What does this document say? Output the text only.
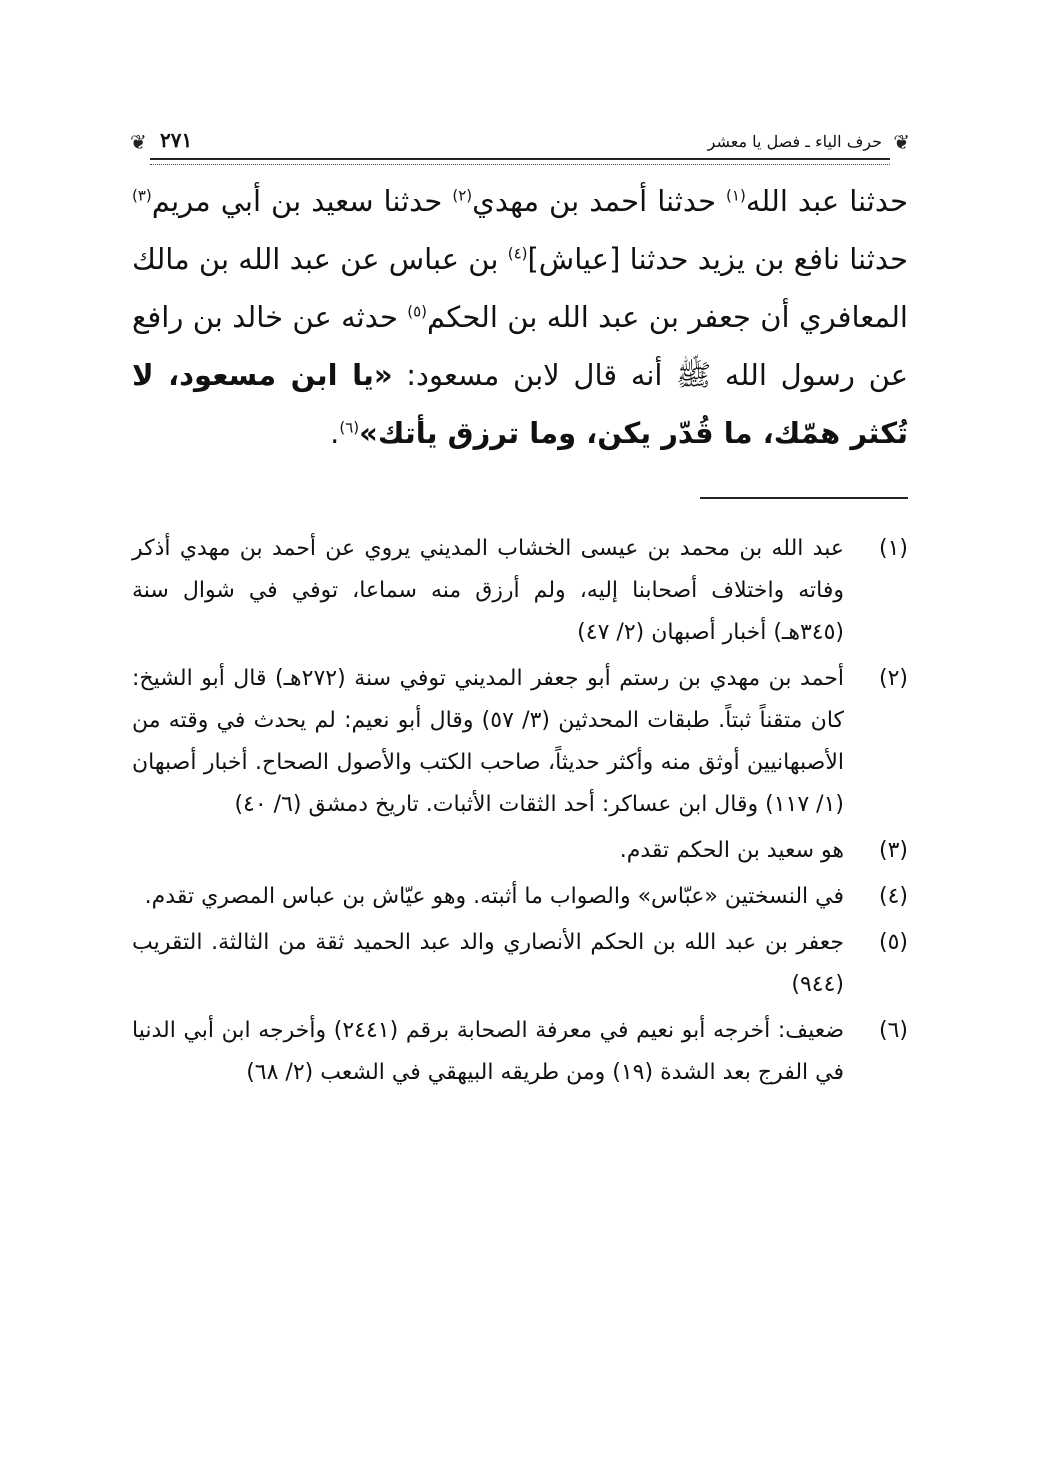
❦
حرف الياء ـ فصل يا معشر
٢٧١
❦
حدثنا عبد الله$^{(١)}$ حدثنا أحمد بن مهدي$^{(٢)}$ حدثنا سعيد بن أبي مريم$^{(٣)}$ حدثنا نافع بن يزيد حدثنا [عياش]$^{(٤)}$ بن عباس عن عبد الله بن مالك المعافري أن جعفر بن عبد الله بن الحكم$^{(٥)}$ حدثه عن خالد بن رافع عن رسول الله ﷺ أنه قال لابن مسعود: «يا ابن مسعود، لا تُكثر همّك، ما قُدّر يكن، وما ترزق يأتك»$^{(٦)}$.
(١)
عبد الله بن محمد بن عيسى الخشاب المديني يروي عن أحمد بن مهدي أذكر وفاته واختلاف أصحابنا إليه، ولم أرزق منه سماعا، توفي في شوال سنة (٣٤٥هـ) أخبار أصبهان (٢/ ٤٧)
(٢)
أحمد بن مهدي بن رستم أبو جعفر المديني توفي سنة (٢٧٢هـ) قال أبو الشيخ: كان متقناً ثبتاً. طبقات المحدثين (٣/ ٥٧) وقال أبو نعيم: لم يحدث في وقته من الأصبهانيين أوثق منه وأكثر حديثاً، صاحب الكتب والأصول الصحاح. أخبار أصبهان (١/ ١١٧) وقال ابن عساكر: أحد الثقات الأثبات. تاريخ دمشق (٦/ ٤٠)
(٣)
هو سعيد بن الحكم تقدم.
(٤)
في النسختين «عبّاس» والصواب ما أثبته. وهو عيّاش بن عباس المصري تقدم.
(٥)
جعفر بن عبد الله بن الحكم الأنصاري والد عبد الحميد ثقة من الثالثة. التقريب (٩٤٤)
(٦)
ضعيف: أخرجه أبو نعيم في معرفة الصحابة برقم (٢٤٤١) وأخرجه ابن أبي الدنيا في الفرج بعد الشدة (١٩) ومن طريقه البيهقي في الشعب (٢/ ٦٨)
